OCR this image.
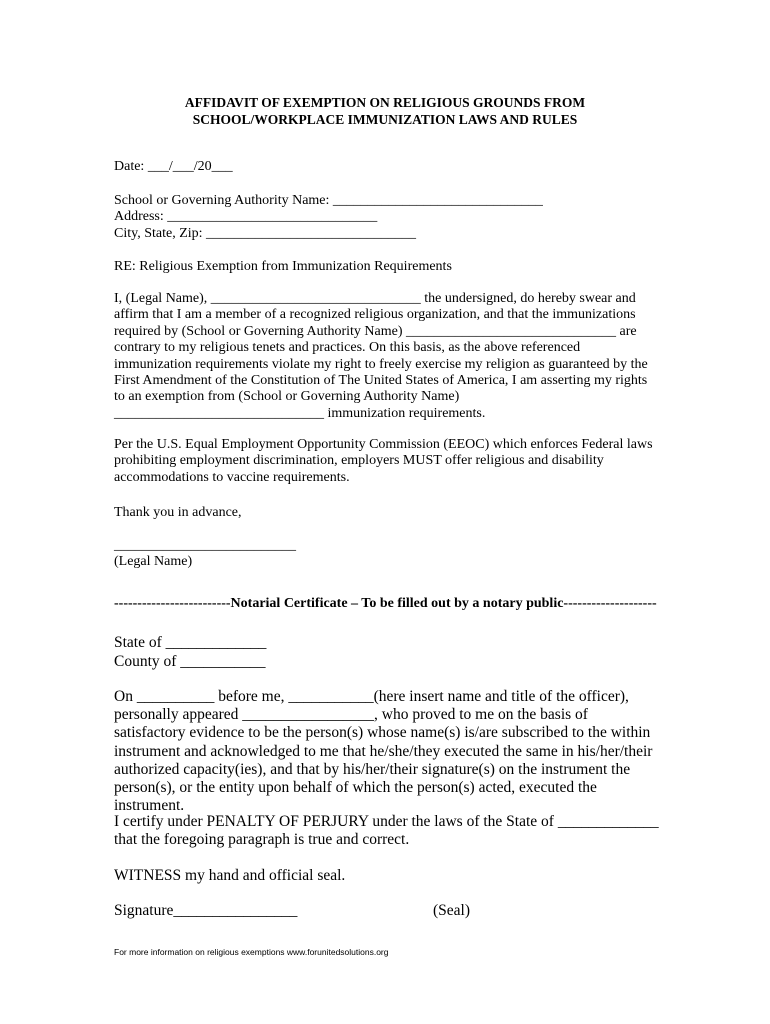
AFFIDAVIT OF EXEMPTION ON RELIGIOUS GROUNDS FROM
SCHOOL/WORKPLACE IMMUNIZATION LAWS AND RULES
Date: ___/___/20___
School or Governing Authority Name: ______________________________
Address: ______________________________
City, State, Zip: ______________________________
RE: Religious Exemption from Immunization Requirements
I, (Legal Name), ______________________________ the undersigned, do hereby swear and affirm that I am a member of a recognized religious organization, and that the immunizations required by (School or Governing Authority Name) ______________________________ are contrary to my religious tenets and practices. On this basis, as the above referenced immunization requirements violate my right to freely exercise my religion as guaranteed by the First Amendment of the Constitution of The United States of America, I am asserting my rights to an exemption from (School or Governing Authority Name) ______________________________ immunization requirements.
Per the U.S. Equal Employment Opportunity Commission (EEOC) which enforces Federal laws prohibiting employment discrimination, employers MUST offer religious and disability accommodations to vaccine requirements.
Thank you in advance,
__________________________
(Legal Name)
-------------------------Notarial Certificate – To be filled out by a notary public--------------------
State of _____________
County of ___________
On __________ before me, ___________(here insert name and title of the officer), personally appeared _________________, who proved to me on the basis of satisfactory evidence to be the person(s) whose name(s) is/are subscribed to the within instrument and acknowledged to me that he/she/they executed the same in his/her/their authorized capacity(ies), and that by his/her/their signature(s) on the instrument the person(s), or the entity upon behalf of which the person(s) acted, executed the instrument.
I certify under PENALTY OF PERJURY under the laws of the State of _____________
that the foregoing paragraph is true and correct.
WITNESS my hand and official seal.
Signature________________	(Seal)
For more information on religious exemptions www.forunitedsolutions.org
